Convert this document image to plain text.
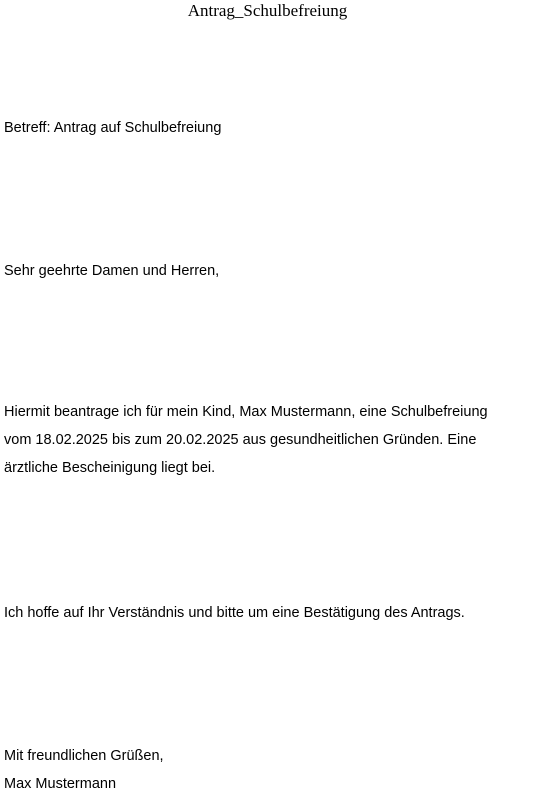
Antrag_Schulbefreiung
Betreff: Antrag auf Schulbefreiung
Sehr geehrte Damen und Herren,
Hiermit beantrage ich für mein Kind, Max Mustermann, eine Schulbefreiung
vom 18.02.2025 bis zum 20.02.2025 aus gesundheitlichen Gründen. Eine
ärztliche Bescheinigung liegt bei.
Ich hoffe auf Ihr Verständnis und bitte um eine Bestätigung des Antrags.
Mit freundlichen Grüßen,
Max Mustermann
